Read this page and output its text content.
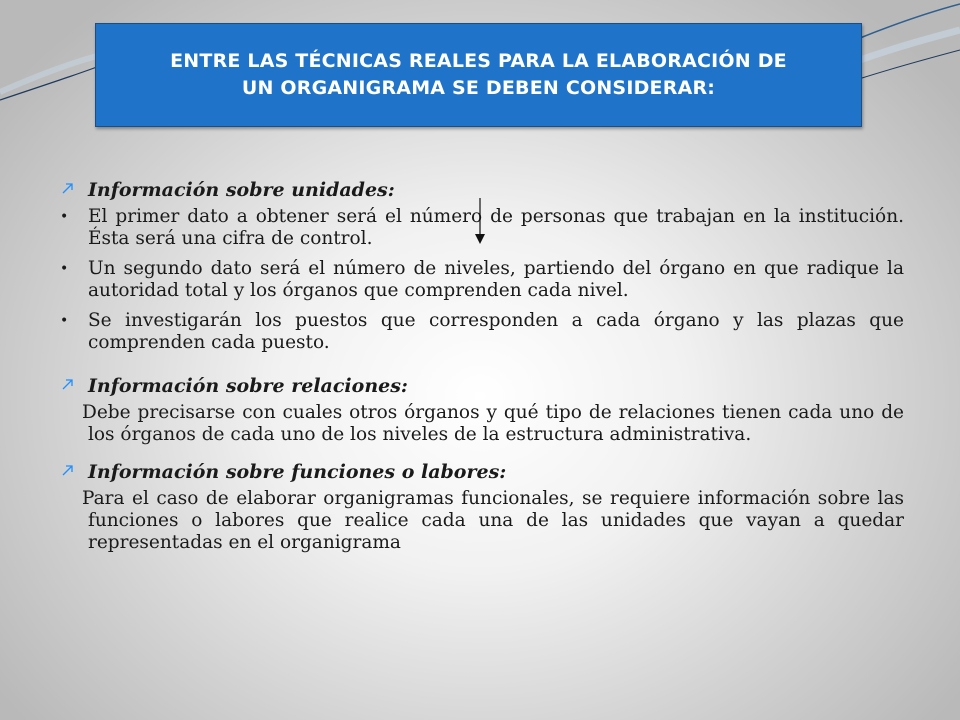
ENTRE LAS TÉCNICAS REALES PARA LA ELABORACIÓN DE
UN ORGANIGRAMA SE DEBEN CONSIDERAR:
Información sobre unidades:
• El primer dato a obtener será el número de personas que trabajan en la institución. Ésta será una cifra de control.
• Un segundo dato será el número de niveles, partiendo del órgano en que radique la autoridad total y los órganos que comprenden cada nivel.
• Se investigarán los puestos que corresponden a cada órgano y las plazas que comprenden cada puesto.
Información sobre relaciones:

Debe precisarse con cuales otros órganos y qué tipo de relaciones tienen cada uno de los órganos de cada uno de los niveles de la estructura administrativa.

Información sobre funciones o labores:

Para el caso de elaborar organigramas funcionales, se requiere información sobre las funciones o labores que realice cada una de las unidades que vayan a quedar representadas en el organigrama
